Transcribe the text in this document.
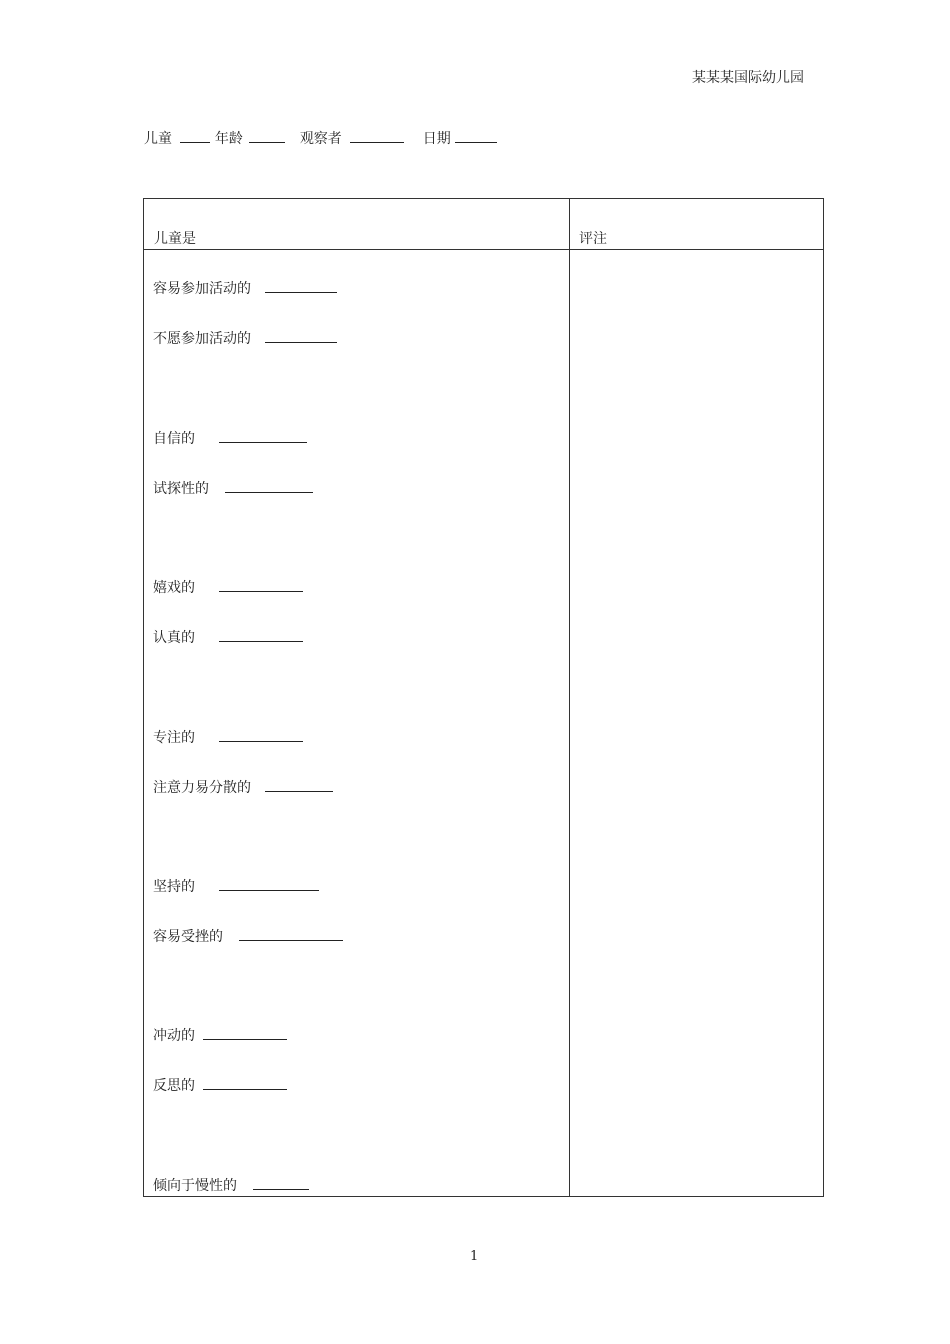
某某某国际幼儿园
儿童	年龄	观察者	日期
儿童是	评注
容易参加活动的
不愿参加活动的
自信的
试探性的
嬉戏的
认真的
专注的
注意力易分散的
坚持的
容易受挫的
冲动的
反思的
倾向于慢性的
1
